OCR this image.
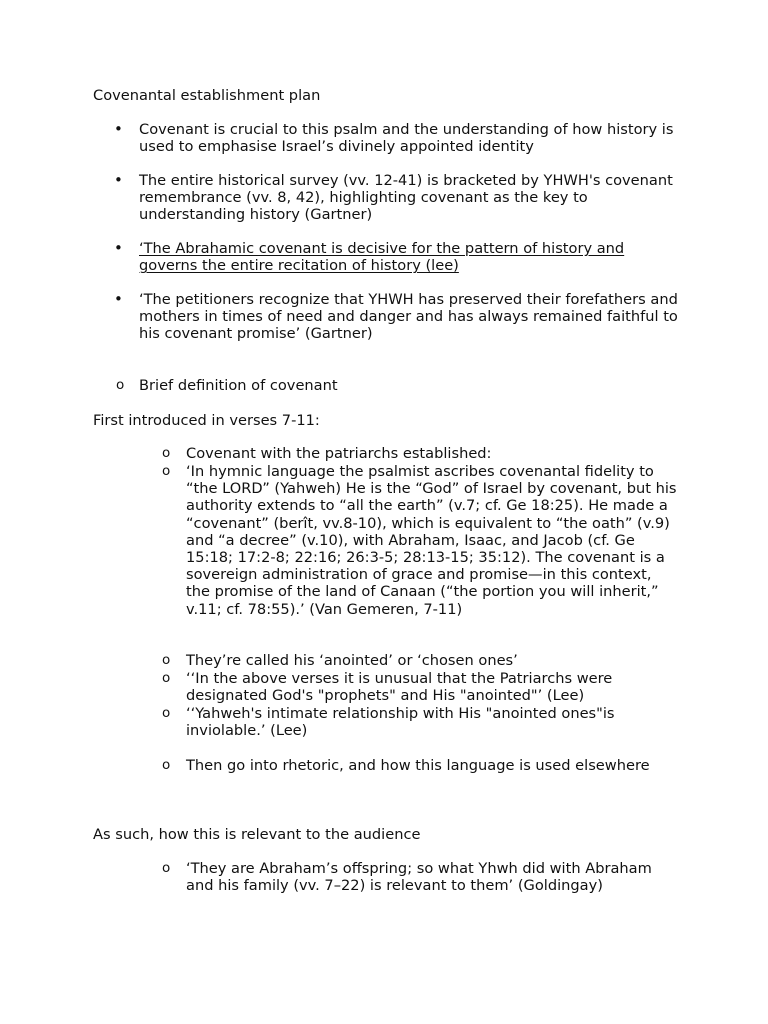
Covenantal establishment plan

• Covenant is crucial to this psalm and the understanding of how history is used to emphasise Israel’s divinely appointed identity
• The entire historical survey (vv. 12-41) is bracketed by YHWH's covenant remembrance (vv. 8, 42), highlighting covenant as the key to understanding history (Gartner)
• ‘The Abrahamic covenant is decisive for the pattern of history and governs the entire recitation of history (lee)
• ‘The petitioners recognize that YHWH has preserved their forefathers and mothers in times of need and danger and has always remained faithful to his covenant promise’ (Gartner)
o Brief definition of covenant

First introduced in verses 7-11:

o Covenant with the patriarchs established:
o ‘In hymnic language the psalmist ascribes covenantal fidelity to “the LORD” (Yahweh) He is the “God” of Israel by covenant, but his authority extends to “all the earth” (v.7; cf. Ge 18:25). He made a “covenant” (berît, vv.8-10), which is equivalent to “the oath” (v.9) and “a decree” (v.10), with Abraham, Isaac, and Jacob (cf. Ge 15:18; 17:2-8; 22:16; 26:3-5; 28:13-15; 35:12). The covenant is a sovereign administration of grace and promise—in this context, the promise of the land of Canaan (“the portion you will inherit,” v.11; cf. 78:55).’ (Van Gemeren, 7-11)
o They’re called his ‘anointed’ or ‘chosen ones’
o ‘‘In the above verses it is unusual that the Patriarchs were designated God's "prophets" and His "anointed"’ (Lee)
o ‘‘Yahweh's intimate relationship with His "anointed ones"is inviolable.’ (Lee)
o Then go into rhetoric, and how this language is used elsewhere

As such, how this is relevant to the audience

o ‘They are Abraham’s offspring; so what Yhwh did with Abraham and his family (vv. 7–22) is relevant to them’ (Goldingay)
